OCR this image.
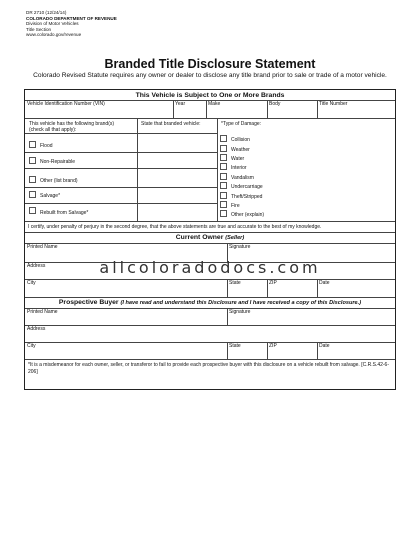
DR 2710 (12/24/14)
COLORADO DEPARTMENT OF REVENUE
Division of Motor Vehicles
Title Section
www.colorado.gov/revenue
Branded Title Disclosure Statement
Colorado Revised Statute requires any owner or dealer to disclose any title brand prior to sale or trade of a motor vehicle.
This Vehicle is Subject to One or More Brands
Vehicle Identification Number (VIN)	Year	Make	Body	Title Number
This vehicle has the following brand(s)
(check all that apply):
State that branded vehicle:
Flood
Non-Repairable
Other (list brand)
Salvage*
Rebuilt from Salvage*
*Type of Damage:
Collision
Weather
Water
Interior
Vandalism
Undercarriage
Theft/Stripped
Fire
Other (explain)
I certify, under penalty of perjury in the second degree, that the above statements are true and accurate to the best of my knowledge.
Current Owner (Seller)
Printed Name	Signature
Address	allcoloradodocs.com
City	State	ZIP	Date
Prospective Buyer (I have read and understand this Disclosure and I have received a copy of this Disclosure.)
Printed Name	Signature
Address
City	State	ZIP	Date
*It is a misdemeanor for each owner, seller, or transferor to fail to provide each prospective buyer with this disclosure on a vehicle rebuilt from salvage. [C.R.S.42-6-206]
